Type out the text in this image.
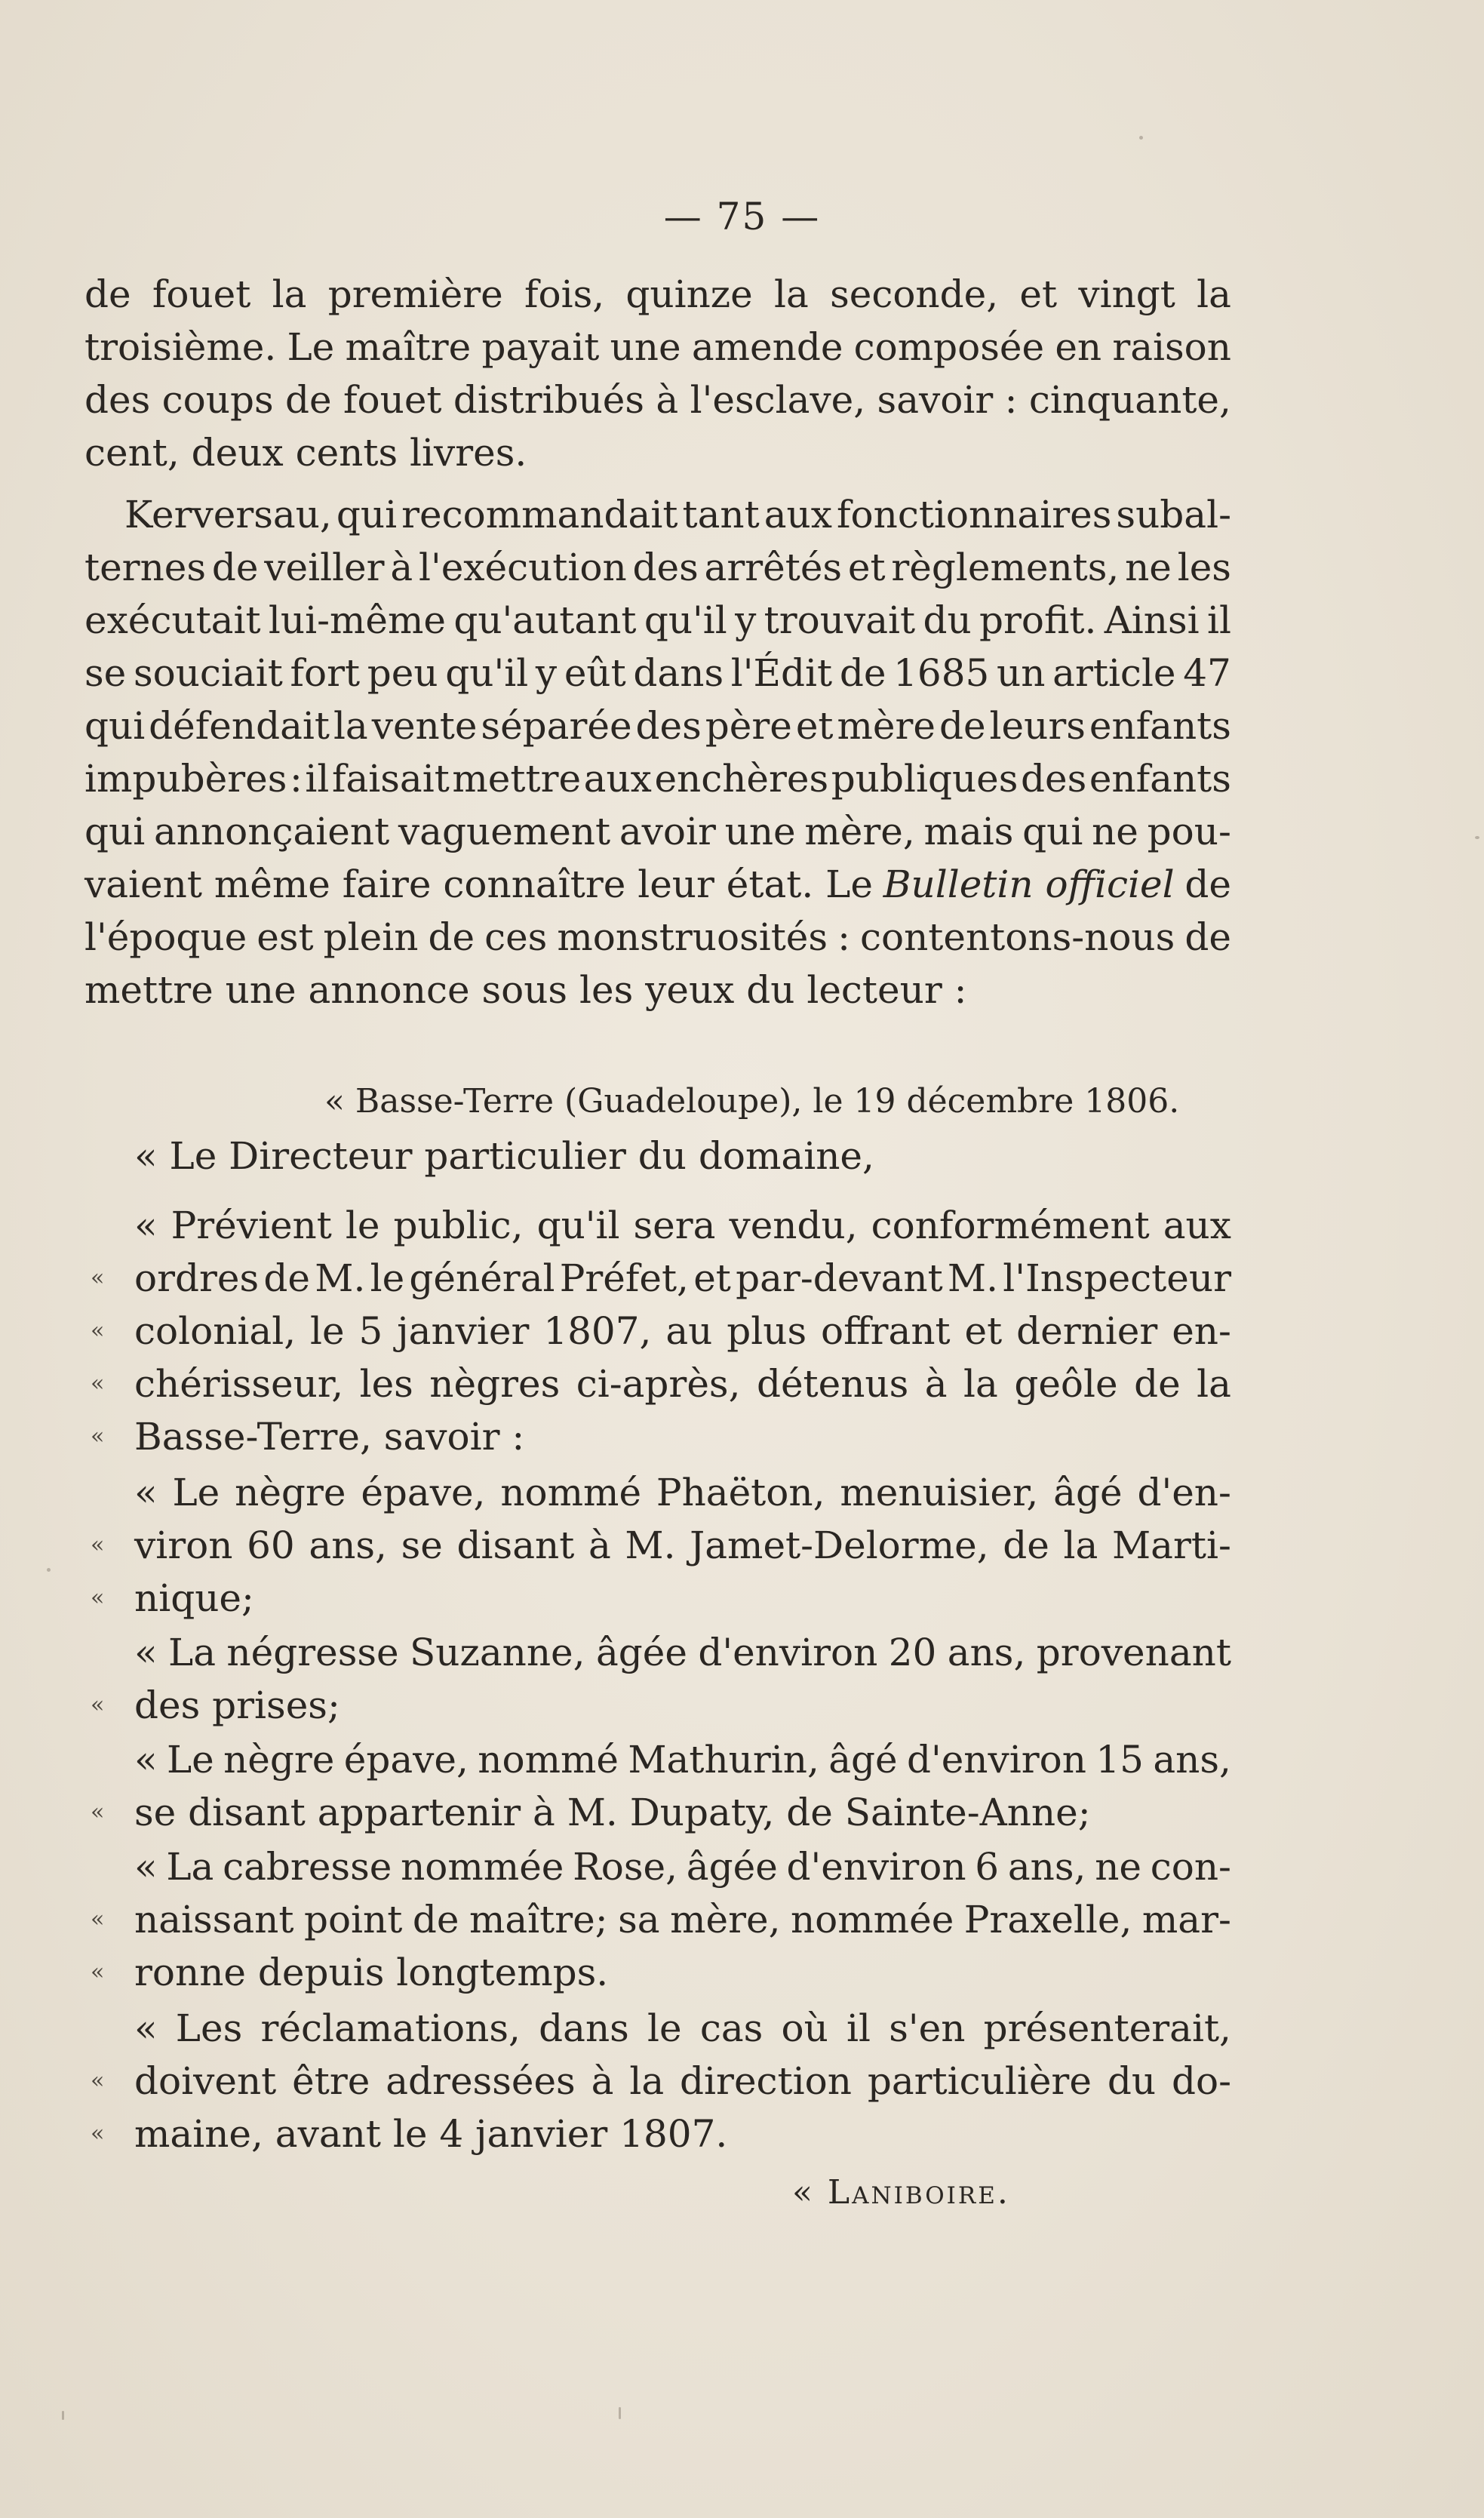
— 75 —
de fouet la première fois, quinze la seconde, et vingt la
troisième. Le maître payait une amende composée en raison
des coups de fouet distribués à l'esclave, savoir : cinquante,
cent, deux cents livres.
Kerversau, qui recommandait tant aux fonctionnaires subal-
ternes de veiller à l'exécution des arrêtés et règlements, ne les
exécutait lui-même qu'autant qu'il y trouvait du profit. Ainsi il
se souciait fort peu qu'il y eût dans l'Édit de 1685 un article 47
qui défendait la vente séparée des père et mère de leurs enfants
impubères : il faisait mettre aux enchères publiques des enfants
qui annonçaient vaguement avoir une mère, mais qui ne pou-
vaient même faire connaître leur état. Le Bulletin officiel de
l'époque est plein de ces monstruosités : contentons-nous de
mettre une annonce sous les yeux du lecteur :
« Basse-Terre (Guadeloupe), le 19 décembre 1806.
« Le Directeur particulier du domaine,
« Prévient le public, qu'il sera vendu, conformément aux
« ordres de M. le général Préfet, et par-devant M. l'Inspecteur
« colonial, le 5 janvier 1807, au plus offrant et dernier en-
« chérisseur, les nègres ci-après, détenus à la geôle de la
« Basse-Terre, savoir :
« Le nègre épave, nommé Phaëton, menuisier, âgé d'en-
« viron 60 ans, se disant à M. Jamet-Delorme, de la Marti-
« nique;
« La négresse Suzanne, âgée d'environ 20 ans, provenant
« des prises;
« Le nègre épave, nommé Mathurin, âgé d'environ 15 ans,
« se disant appartenir à M. Dupaty, de Sainte-Anne;
« La cabresse nommée Rose, âgée d'environ 6 ans, ne con-
« naissant point de maître; sa mère, nommée Praxelle, mar-
« ronne depuis longtemps.
« Les réclamations, dans le cas où il s'en présenterait,
« doivent être adressées à la direction particulière du do-
« maine, avant le 4 janvier 1807.
« Laniboire.
